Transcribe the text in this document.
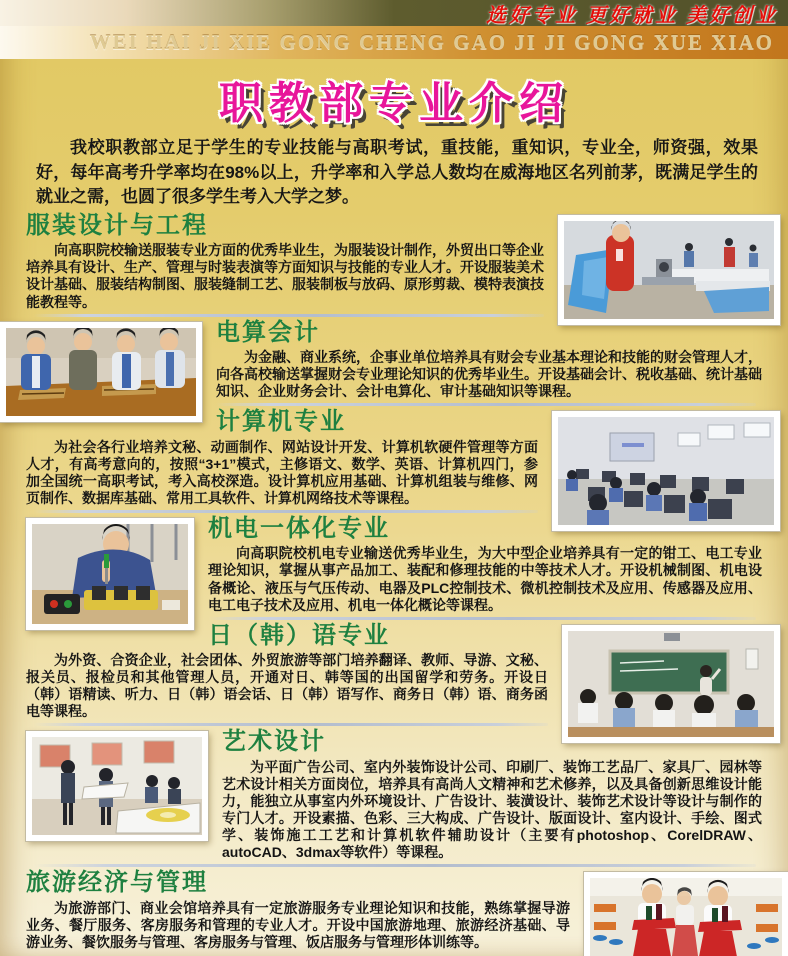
选好专业 更好就业 美好创业
WEI HAI JI XIE GONG CHENG GAO JI JI GONG XUE XIAO
职教部专业介绍

我校职教部立足于学生的专业技能与高职考试，重技能，重知识，专业全，师资强，效果好，每年高考升学率均在98%以上，升学率和入学总人数均在威海地区名列前茅，既满足学生的就业之需，也圆了很多学生考入大学之梦。

服装设计与工程

向高职院校输送服装专业方面的优秀毕业生，为服装设计制作，外贸出口等企业培养具有设计、生产、管理与时装表演等方面知识与技能的专业人才。开设服装美术设计基础、服装结构制图、服装缝制工艺、服装制板与放码、原形剪裁、模特表演技能教程等。

电算会计

为金融、商业系统，企事业单位培养具有财会专业基本理论和技能的财会管理人才，向各高校输送掌握财会专业理论知识的优秀毕业生。开设基础会计、税收基础、统计基础知识、企业财务会计、会计电算化、审计基础知识等课程。

计算机专业

为社会各行业培养文秘、动画制作、网站设计开发、计算机软硬件管理等方面人才，有高考意向的，按照“3+1”模式，主修语文、数学、英语、计算机四门，参加全国统一高职考试，考入高校深造。设计算机应用基础、计算机组装与维修、网页制作、数据库基础、常用工具软件、计算机网络技术等课程。

机电一体化专业

向高职院校机电专业输送优秀毕业生，为大中型企业培养具有一定的钳工、电工专业理论知识，掌握从事产品加工、装配和修理技能的中等技术人才。开设机械制图、机电设备概论、液压与气压传动、电器及PLC控制技术、微机控制技术及应用、传感器及应用、电工电子技术及应用、机电一体化概论等课程。

日（韩）语专业

为外资、合资企业，社会团体、外贸旅游等部门培养翻译、教师、导游、文秘、报关员、报检员和其他管理人员，开通对日、韩等国的出国留学和劳务。开设日（韩）语精读、听力、日（韩）语会话、日（韩）语写作、商务日（韩）语、商务函电等课程。

艺术设计

为平面广告公司、室内外装饰设计公司、印刷厂、装饰工艺品厂、家具厂、园林等艺术设计相关方面岗位，培养具有高尚人文精神和艺术修养，以及具备创新思维设计能力，能独立从事室内外环境设计、广告设计、装潢设计、装饰艺术设计等设计与制作的专门人才。开设素描、色彩、三大构成、广告设计、版面设计、室内设计、手绘、图式学、装饰施工工艺和计算机软件辅助设计（主要有photoshop、CorelDRAW、autoCAD、3dmax等软件）等课程。

旅游经济与管理

为旅游部门、商业会馆培养具有一定旅游服务专业理论知识和技能，熟练掌握导游业务、餐厅服务、客房服务和管理的专业人才。开设中国旅游地理、旅游经济基础、导游业务、餐饮服务与管理、客房服务与管理、饭店服务与管理形体训练等。
